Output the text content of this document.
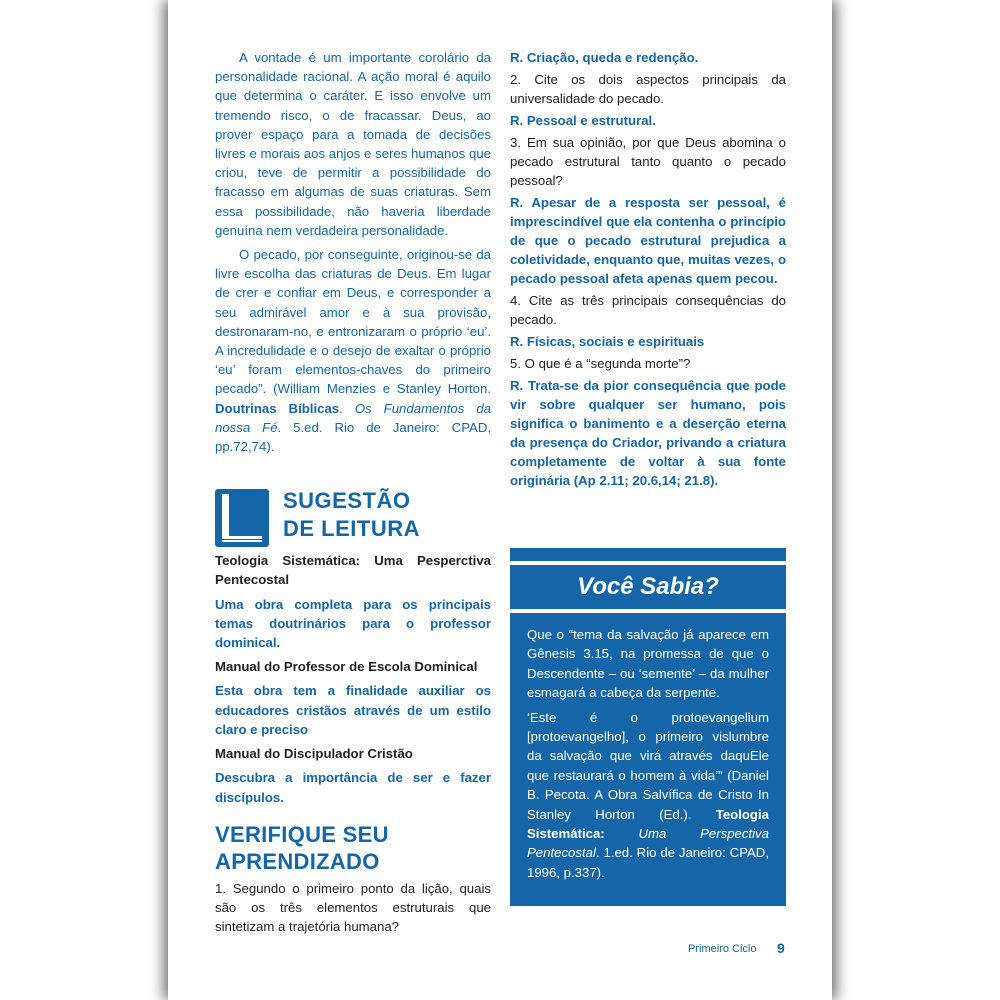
A vontade é um importante corolário da personalidade racional. A ação moral é aquilo que determina o caráter. E isso envolve um tremendo risco, o de fracassar. Deus, ao prover espaço para a tomada de decisões livres e morais aos anjos e seres humanos que criou, teve de permitir a possibilidade do fracasso em algumas de suas criaturas. Sem essa possibilidade, não haveria liberdade genuína nem verdadeira personalidade.

O pecado, por conseguinte, originou-se da livre escolha das criaturas de Deus. Em lugar de crer e confiar em Deus, e corresponder a seu admirável amor e à sua provisão, destronaram-no, e entronizaram o próprio ‘eu’. A incredulidade e o desejo de exaltar o próprio ‘eu’ foram elementos-chaves do primeiro pecado”. (William Menzies e Stanley Horton. Doutrinas Bíblicas. Os Fundamentos da nossa Fé. 5.ed. Rio de Janeiro: CPAD, pp.72,74).

SUGESTÃO
DE LEITURA

Teologia Sistemática: Uma Pesperctiva Pentecostal

Uma obra completa para os principais temas doutrinários para o professor dominical.

Manual do Professor de Escola Dominical

Esta obra tem a finalidade auxiliar os educadores cristãos através de um estilo claro e preciso

Manual do Discipulador Cristão

Descubra a importância de ser e fazer discípulos.

VERIFIQUE SEU
APRENDIZADO

1. Segundo o primeiro ponto da lição, quais são os três elementos estruturais que sintetizam a trajetória humana?

R. Criação, queda e redenção.

2. Cite os dois aspectos principais da universalidade do pecado.

R. Pessoal e estrutural.

3. Em sua opinião, por que Deus abomina o pecado estrutural tanto quanto o pecado pessoal?

R. Apesar de a resposta ser pessoal, é imprescindível que ela contenha o princípio de que o pecado estrutural prejudica a coletividade, enquanto que, muitas vezes, o pecado pessoal afeta apenas quem pecou.

4. Cite as três principais consequências do pecado.

R. Físicas, sociais e espirituais

5. O que é a “segunda morte”?

R. Trata-se da pior consequência que pode vir sobre qualquer ser humano, pois significa o banimento e a deserção eterna da presença do Criador, privando a criatura completamente de voltar à sua fonte originária (Ap 2.11; 20.6,14; 21.8).

Você Sabia?

Que o “tema da salvação já aparece em Gênesis 3.15, na promessa de que o Descendente – ou ‘semente’ – da mulher esmagará a cabeça da serpente.

‘Este é o protoevangelium [protoevangelho], o primeiro vislumbre da salvação que virá através daquEle que restaurará o homem à vida’” (Daniel B. Pecota. A Obra Salvífica de Cristo In Stanley Horton (Ed.). Teologia Sistemática:	Uma Perspectiva Pentecostal. 1.ed. Rio de Janeiro: CPAD, 1996, p.337).

Primeiro Ciclo 9
